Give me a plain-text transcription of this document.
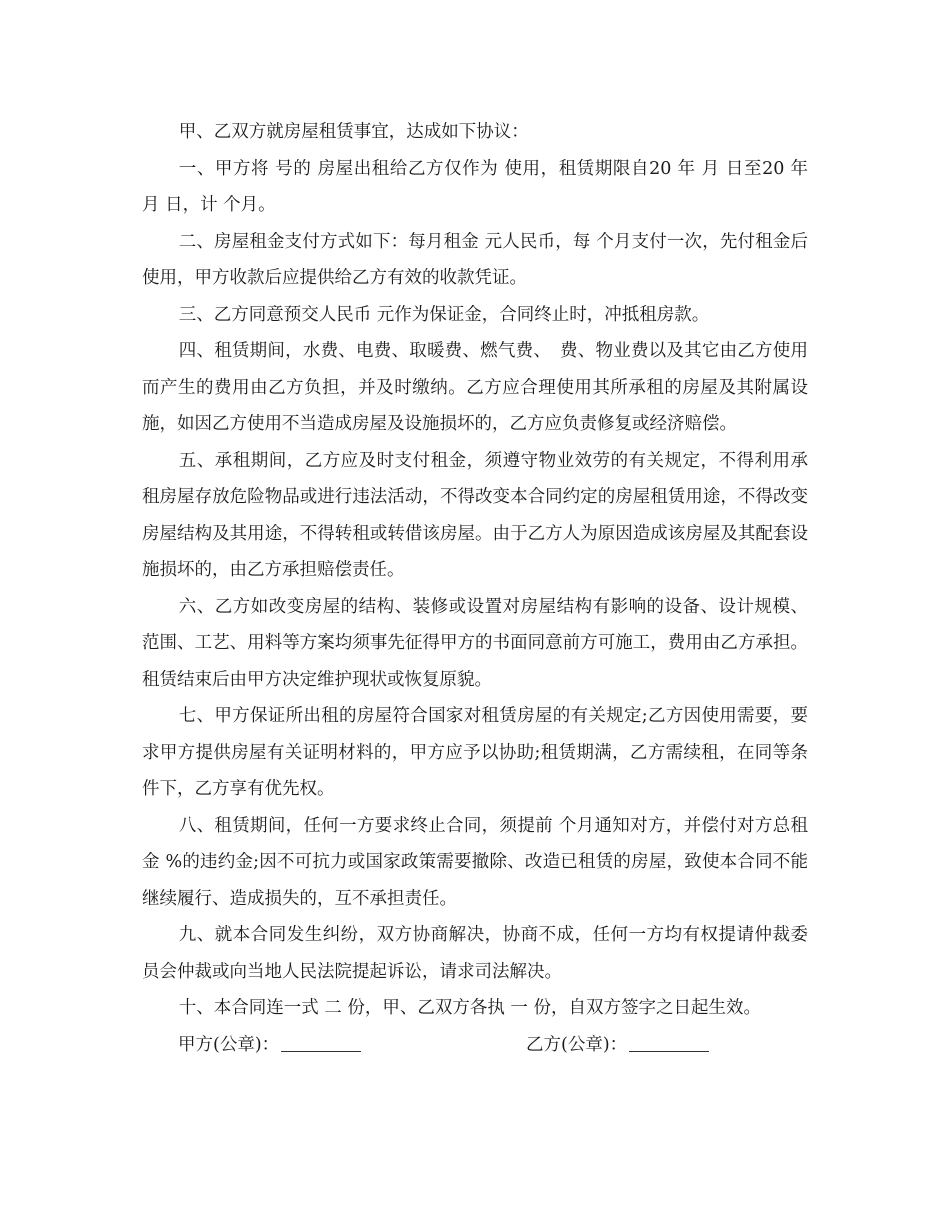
甲、乙双方就房屋租赁事宜，达成如下协议：

一、甲方将 号的 房屋出租给乙方仅作为 使用，租赁期限自20 年 月 日至20 年 月 日，计 个月。

二、房屋租金支付方式如下：每月租金 元人民币，每 个月支付一次，先付租金后使用，甲方收款后应提供给乙方有效的收款凭证。

三、乙方同意预交人民币 元作为保证金，合同终止时，冲抵租房款。

四、租赁期间，水费、电费、取暖费、燃气费、　费、物业费以及其它由乙方使用而产生的费用由乙方负担，并及时缴纳。乙方应合理使用其所承租的房屋及其附属设施，如因乙方使用不当造成房屋及设施损坏的，乙方应负责修复或经济赔偿。

五、承租期间，乙方应及时支付租金，须遵守物业效劳的有关规定，不得利用承租房屋存放危险物品或进行违法活动，不得改变本合同约定的房屋租赁用途，不得改变房屋结构及其用途，不得转租或转借该房屋。由于乙方人为原因造成该房屋及其配套设施损坏的，由乙方承担赔偿责任。

六、乙方如改变房屋的结构、装修或设置对房屋结构有影响的设备、设计规模、范围、工艺、用料等方案均须事先征得甲方的书面同意前方可施工，费用由乙方承担。租赁结束后由甲方决定维护现状或恢复原貌。

七、甲方保证所出租的房屋符合国家对租赁房屋的有关规定;乙方因使用需要，要求甲方提供房屋有关证明材料的，甲方应予以协助;租赁期满，乙方需续租，在同等条件下，乙方享有优先权。

八、租赁期间，任何一方要求终止合同，须提前 个月通知对方，并偿付对方总租金 %的违约金;因不可抗力或国家政策需要撤除、改造已租赁的房屋，致使本合同不能继续履行、造成损失的，互不承担责任。

九、就本合同发生纠纷，双方协商解决，协商不成，任何一方均有权提请仲裁委员会仲裁或向当地人民法院提起诉讼，请求司法解决。

十、本合同连一式 二 份，甲、乙双方各执 一 份，自双方签字之日起生效。

甲方(公章)：	乙方(公章)：
